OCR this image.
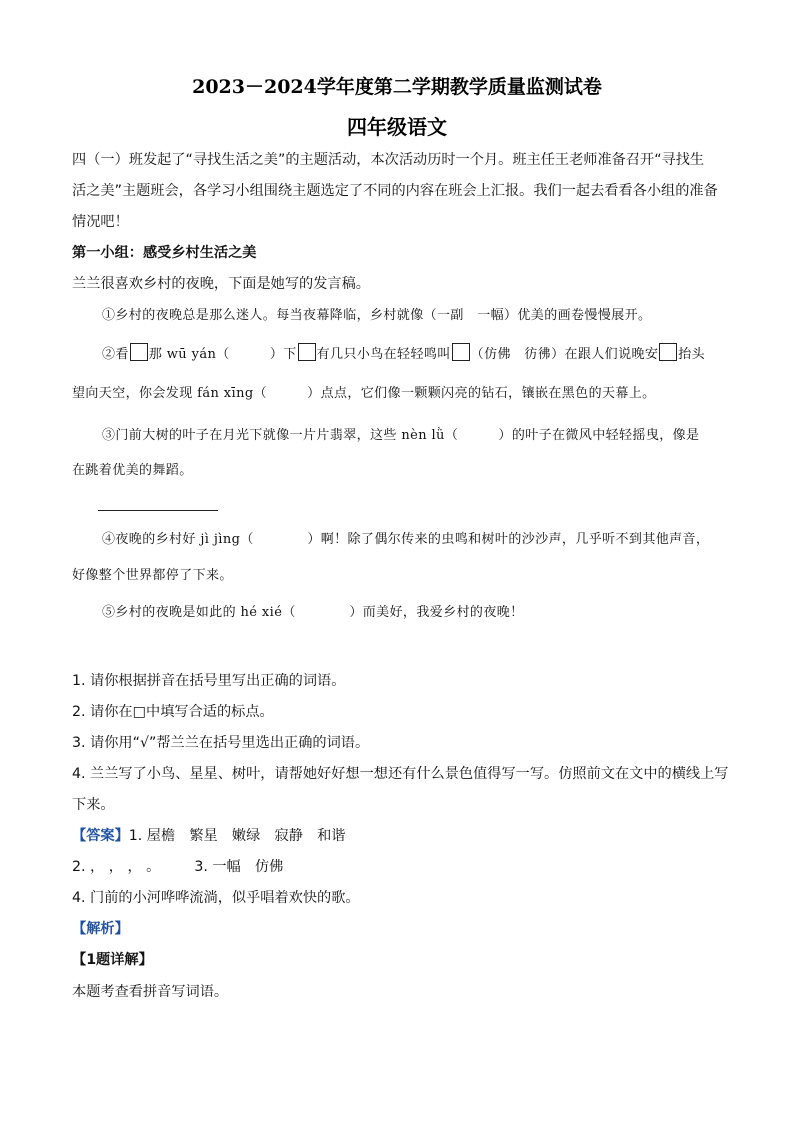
2023－2024学年度第二学期教学质量监测试卷
四年级语文
四（一）班发起了“寻找生活之美”的主题活动，本次活动历时一个月。班主任王老师准备召开“寻找生
活之美”主题班会，各学习小组围绕主题选定了不同的内容在班会上汇报。我们一起去看看各小组的准备
情况吧！
第一小组：感受乡村生活之美
兰兰很喜欢乡村的夜晚，下面是她写的发言稿。
①乡村的夜晚总是那么迷人。每当夜幕降临，乡村就像（一副　一幅）优美的画卷慢慢展开。
②看 那 wū yán（　　　）下 有几只小鸟在轻轻鸣叫 （仿佛　彷彿）在跟人们说晚安 抬头
望向天空，你会发现 fán xīng（　　　）点点，它们像一颗颗闪亮的钻石，镶嵌在黑色的天幕上。
③门前大树的叶子在月光下就像一片片翡翠，这些 nèn lǜ（　　　）的叶子在微风中轻轻摇曳，像是
在跳着优美的舞蹈。
④夜晚的乡村好 jì jìng（　　　　）啊！除了偶尔传来的虫鸣和树叶的沙沙声，几乎听不到其他声音，
好像整个世界都停了下来。
⑤乡村的夜晚是如此的 hé xié（　　　　）而美好，我爱乡村的夜晚！
1. 请你根据拼音在括号里写出正确的词语。
2. 请你在□中填写合适的标点。
3. 请你用“√”帮兰兰在括号里选出正确的词语。
4. 兰兰写了小鸟、星星、树叶，请帮她好好想一想还有什么景色值得写一写。仿照前文在文中的横线上写
下来。
【答案】1. 屋檐　繁星　嫩绿　寂静　和谐
2. ， ， ， 。 3. 一幅　仿佛
4. 门前的小河哗哗流淌，似乎唱着欢快的歌。
【解析】
【1题详解】
本题考查看拼音写词语。
